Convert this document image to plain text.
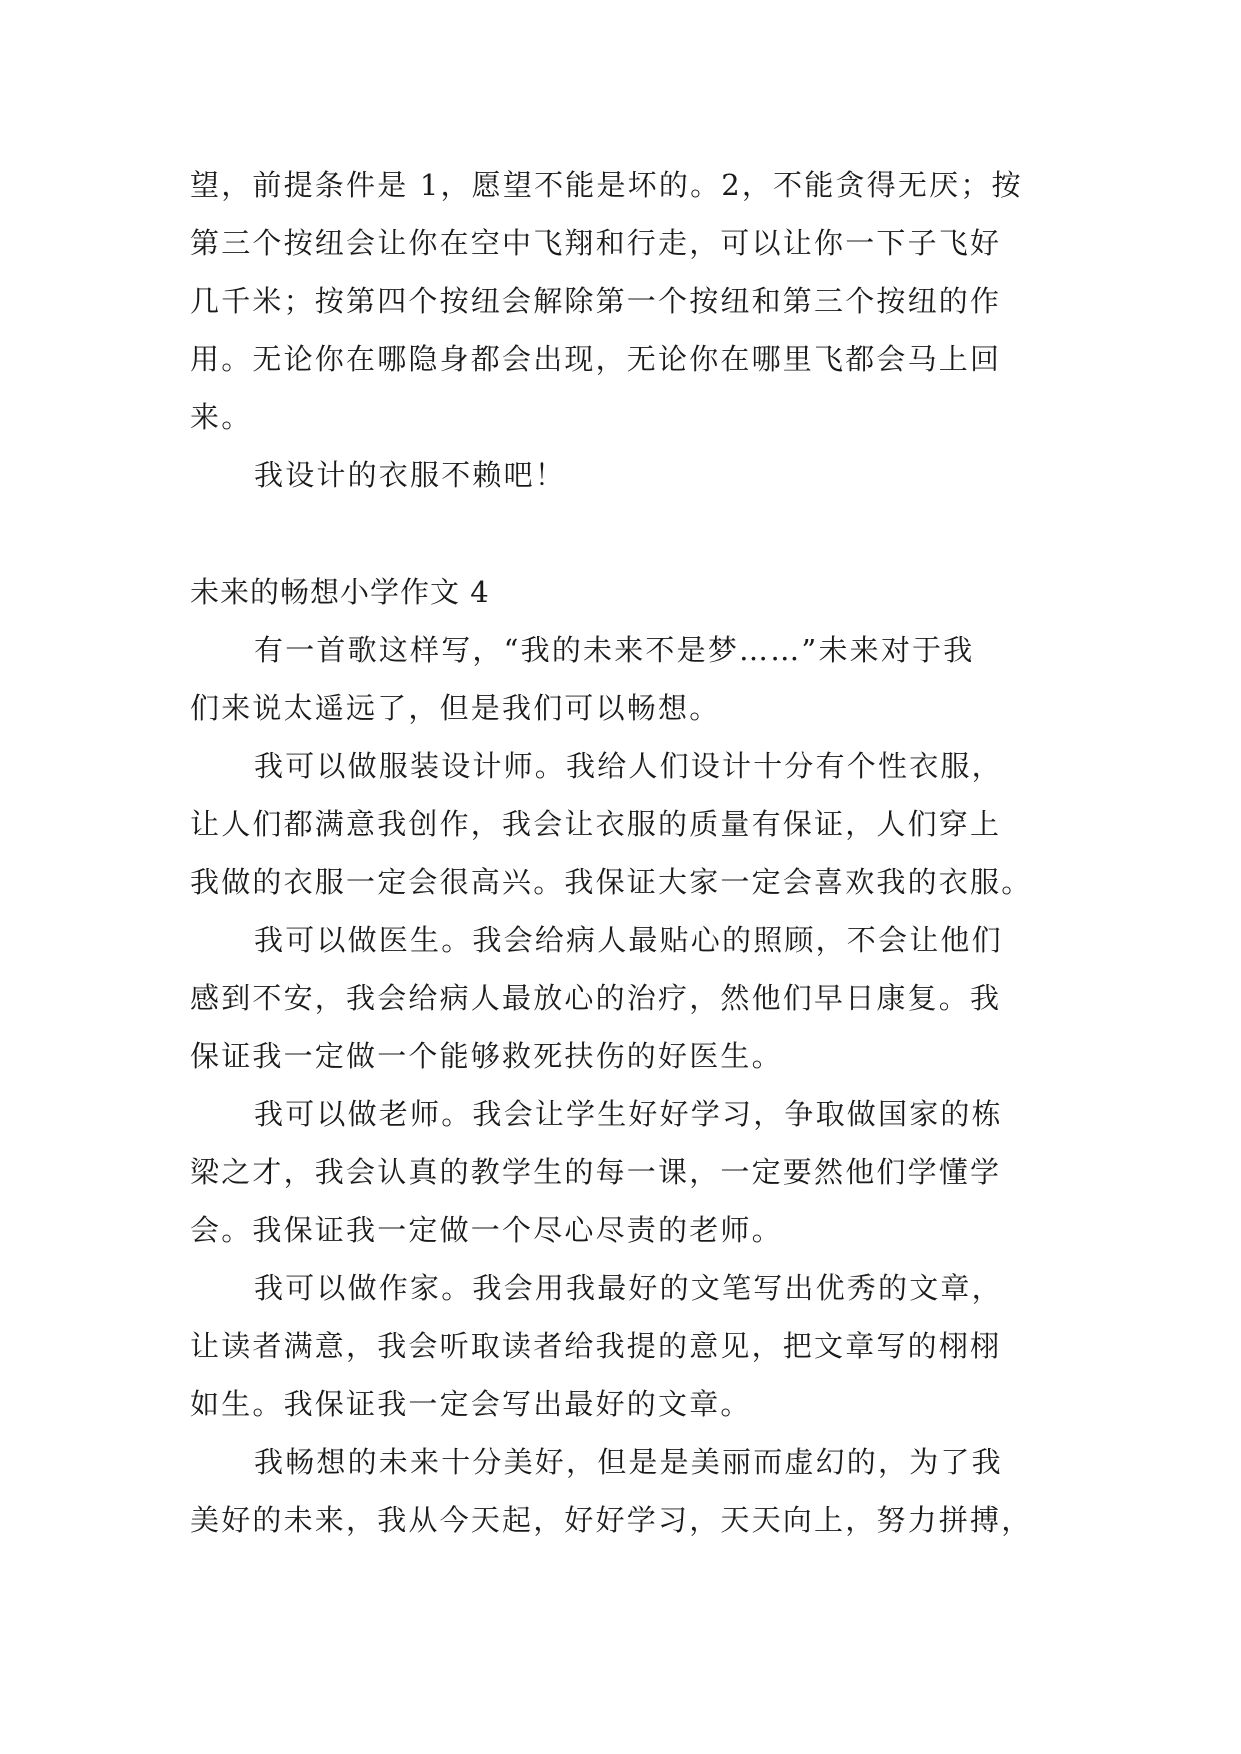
望，前提条件是 1，愿望不能是坏的。2，不能贪得无厌；按
第三个按纽会让你在空中飞翔和行走，可以让你一下子飞好
几千米；按第四个按纽会解除第一个按纽和第三个按纽的作
用。无论你在哪隐身都会出现，无论你在哪里飞都会马上回
来。
我设计的衣服不赖吧！
未来的畅想小学作文 4
有一首歌这样写，“我的未来不是梦……”未来对于我
们来说太遥远了，但是我们可以畅想。
我可以做服装设计师。我给人们设计十分有个性衣服，
让人们都满意我创作，我会让衣服的质量有保证，人们穿上
我做的衣服一定会很高兴。我保证大家一定会喜欢我的衣服。
我可以做医生。我会给病人最贴心的照顾，不会让他们
感到不安，我会给病人最放心的治疗，然他们早日康复。我
保证我一定做一个能够救死扶伤的好医生。
我可以做老师。我会让学生好好学习，争取做国家的栋
梁之才，我会认真的教学生的每一课，一定要然他们学懂学
会。我保证我一定做一个尽心尽责的老师。
我可以做作家。我会用我最好的文笔写出优秀的文章，
让读者满意，我会听取读者给我提的意见，把文章写的栩栩
如生。我保证我一定会写出最好的文章。
我畅想的未来十分美好，但是是美丽而虚幻的，为了我
美好的未来，我从今天起，好好学习，天天向上，努力拼搏，
